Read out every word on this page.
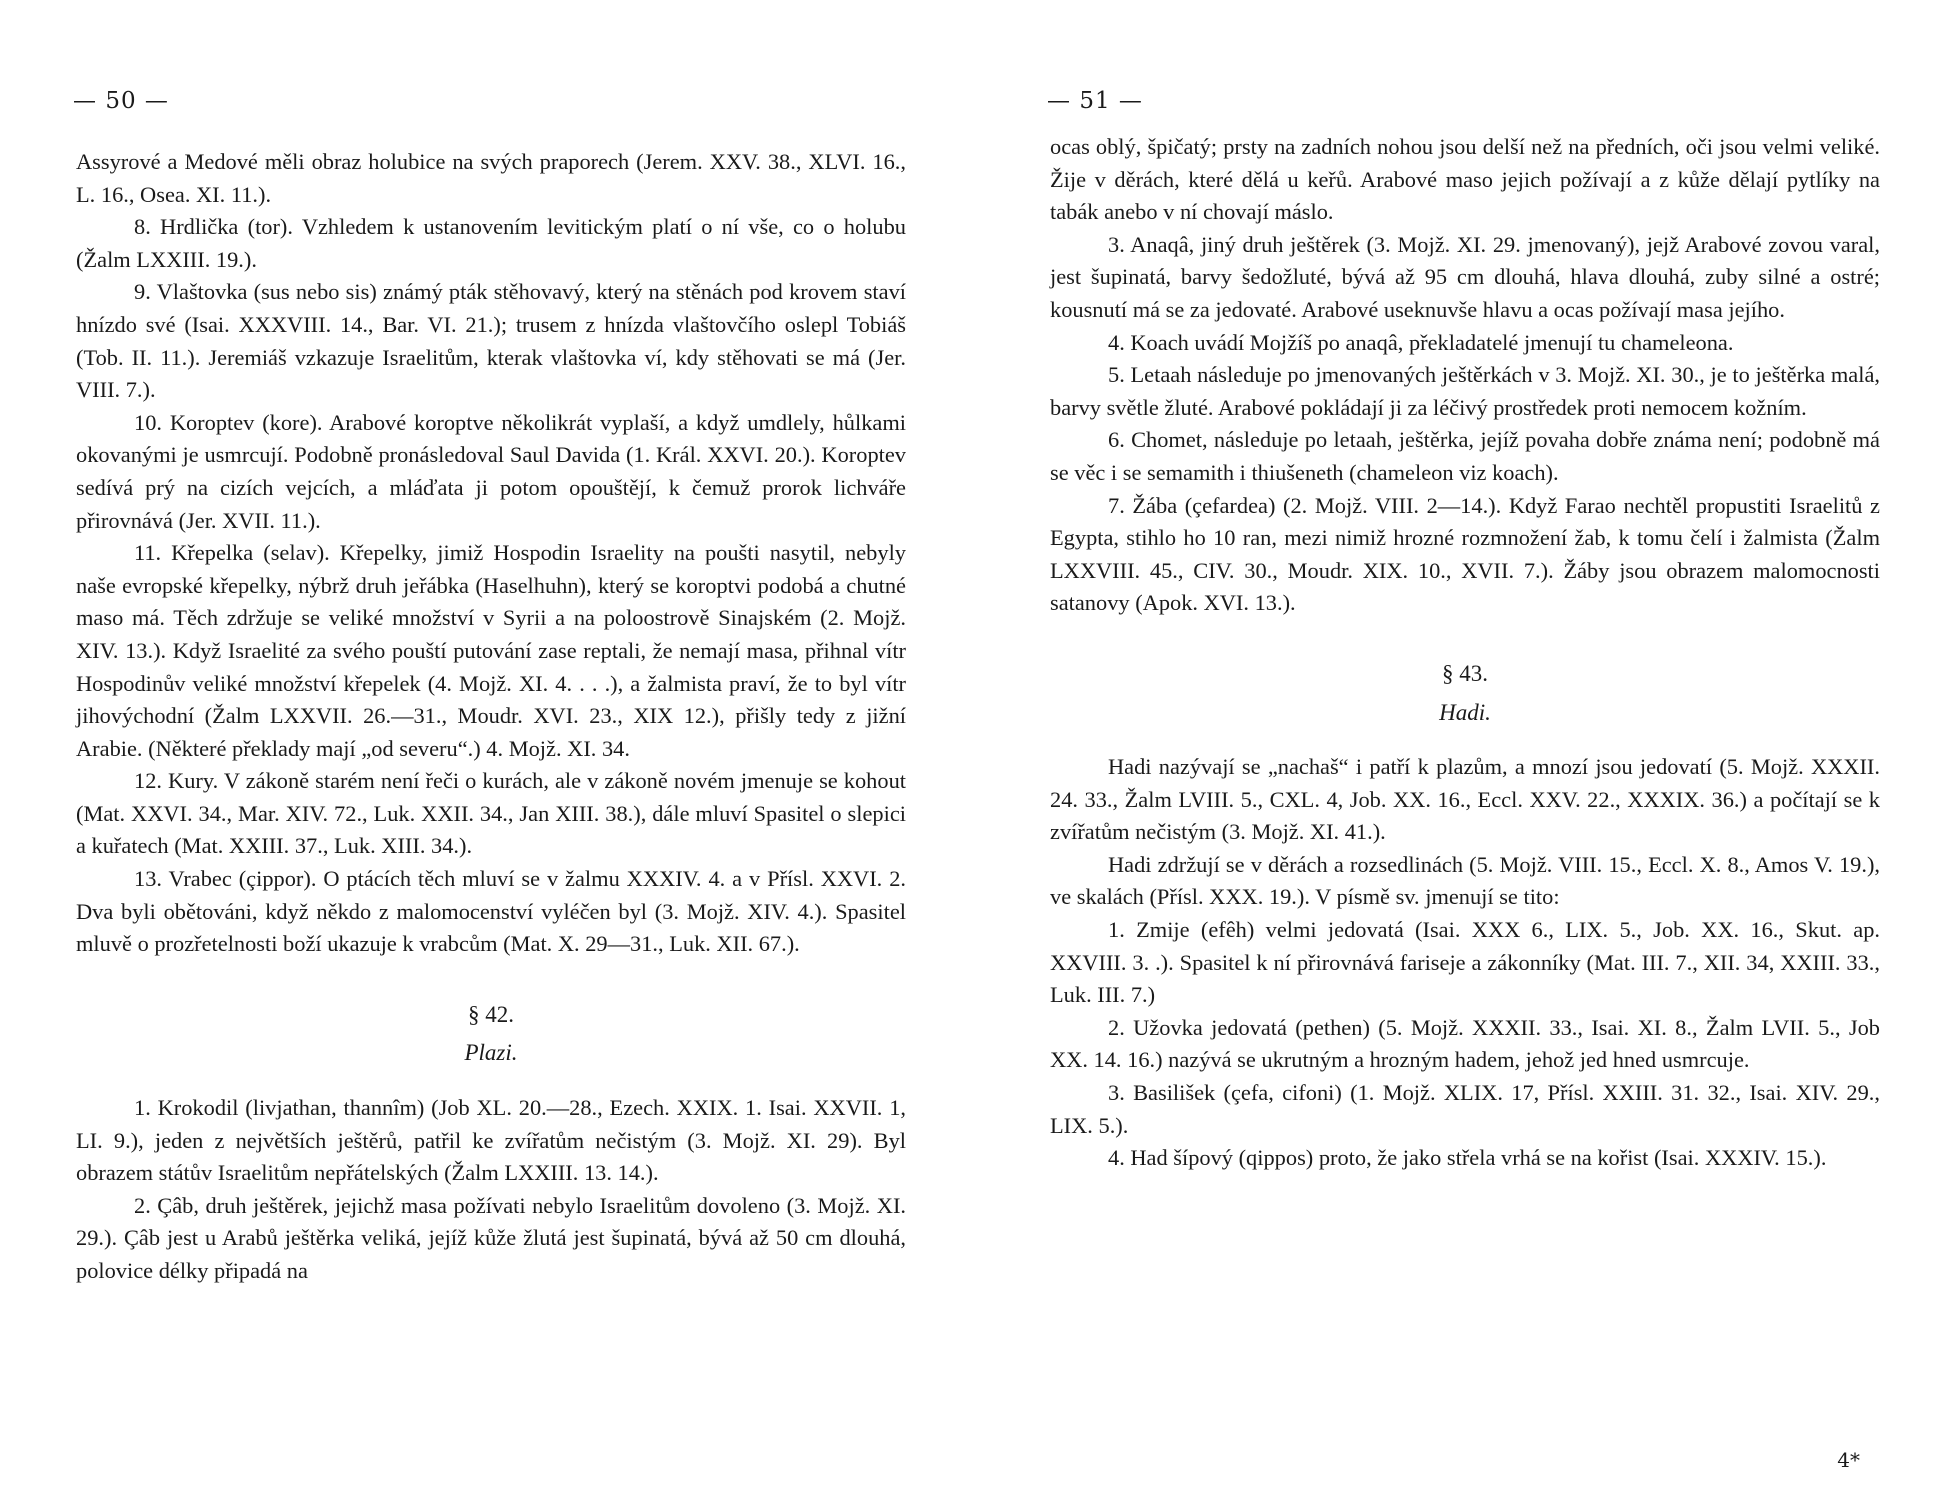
— 50 —

Assyrové a Medové měli obraz holubice na svých praporech (Jerem. XXV. 38., XLVI. 16., L. 16., Osea. XI. 11.).

8. Hrdlička (tor). Vzhledem k ustanovením levitickým platí o ní vše, co o holubu (Žalm LXXIII. 19.).

9. Vlaštovka (sus nebo sis) známý pták stěhovavý, který na stěnách pod krovem staví hnízdo své (Isai. XXXVIII. 14., Bar. VI. 21.); trusem z hnízda vlaštovčího oslepl Tobiáš (Tob. II. 11.). Jeremiáš vzkazuje Israelitům, kterak vlaštovka ví, kdy stěhovati se má (Jer. VIII. 7.).

10. Koroptev (kore). Arabové koroptve několikrát vyplaší, a když umdlely, hůlkami okovanými je usmrcují. Podobně pronásledoval Saul Davida (1. Král. XXVI. 20.). Koroptev sedívá prý na cizích vejcích, a mláďata ji potom opouštějí, k čemuž prorok lichváře přirovnává (Jer. XVII. 11.).

11. Křepelka (selav). Křepelky, jimiž Hospodin Israelity na poušti nasytil, nebyly naše evropské křepelky, nýbrž druh jeřábka (Haselhuhn), který se koroptvi podobá a chutné maso má. Těch zdržuje se veliké množství v Syrii a na poloostrově Sinajském (2. Mojž. XIV. 13.). Když Israelité za svého pouští putování zase reptali, že nemají masa, přihnal vítr Hospodinův veliké množství křepelek (4. Mojž. XI. 4. . . .), a žalmista praví, že to byl vítr jihovýchodní (Žalm LXXVII. 26.—31., Moudr. XVI. 23., XIX 12.), přišly tedy z jižní Arabie. (Některé překlady mají „od severu“.) 4. Mojž. XI. 34.

12. Kury. V zákoně starém není řeči o kurách, ale v zákoně novém jmenuje se kohout (Mat. XXVI. 34., Mar. XIV. 72., Luk. XXII. 34., Jan XIII. 38.), dále mluví Spasitel o slepici a kuřatech (Mat. XXIII. 37., Luk. XIII. 34.).

13. Vrabec (çippor). O ptácích těch mluví se v žalmu XXXIV. 4. a v Přísl. XXVI. 2. Dva byli obětováni, když někdo z malomocenství vyléčen byl (3. Mojž. XIV. 4.). Spasitel mluvě o prozřetelnosti boží ukazuje k vrabcům (Mat. X. 29—31., Luk. XII. 67.).

§ 42.
Plazi.

1. Krokodil (livjathan, thannîm) (Job XL. 20.—28., Ezech. XXIX. 1. Isai. XXVII. 1, LI. 9.), jeden z největších ještěrů, patřil ke zvířatům nečistým (3. Mojž. XI. 29). Byl obrazem státův Israelitům nepřátelských (Žalm LXXIII. 13. 14.).

2. Çâb, druh ještěrek, jejichž masa požívati nebylo Israelitům dovoleno (3. Mojž. XI. 29.). Çâb jest u Arabů ještěrka veliká, jejíž kůže žlutá jest šupinatá, bývá až 50 cm dlouhá, polovice délky připadá na

— 51 —

ocas oblý, špičatý; prsty na zadních nohou jsou delší než na předních, oči jsou velmi veliké. Žije v děrách, které dělá u keřů. Arabové maso jejich požívají a z kůže dělají pytlíky na tabák anebo v ní chovají máslo.

3. Anaqâ, jiný druh ještěrek (3. Mojž. XI. 29. jmenovaný), jejž Arabové zovou varal, jest šupinatá, barvy šedožluté, bývá až 95 cm dlouhá, hlava dlouhá, zuby silné a ostré; kousnutí má se za jedovaté. Arabové useknuvše hlavu a ocas požívají masa jejího.

4. Koach uvádí Mojžíš po anaqâ, překladatelé jmenují tu chameleona.

5. Letaah následuje po jmenovaných ještěrkách v 3. Mojž. XI. 30., je to ještěrka malá, barvy světle žluté. Arabové pokládají ji za léčivý prostředek proti nemocem kožním.

6. Chomet, následuje po letaah, ještěrka, jejíž povaha dobře známa není; podobně má se věc i se semamith i thiušeneth (chameleon viz koach).

7. Žába (çefardea) (2. Mojž. VIII. 2—14.). Když Farao nechtěl propustiti Israelitů z Egypta, stihlo ho 10 ran, mezi nimiž hrozné rozmnožení žab, k tomu čelí i žalmista (Žalm LXXVIII. 45., CIV. 30., Moudr. XIX. 10., XVII. 7.). Žáby jsou obrazem malomocnosti satanovy (Apok. XVI. 13.).

§ 43.
Hadi.

Hadi nazývají se „nachaš“ i patří k plazům, a mnozí jsou jedovatí (5. Mojž. XXXII. 24. 33., Žalm LVIII. 5., CXL. 4, Job. XX. 16., Eccl. XXV. 22., XXXIX. 36.) a počítají se k zvířatům nečistým (3. Mojž. XI. 41.).

Hadi zdržují se v děrách a rozsedlinách (5. Mojž. VIII. 15., Eccl. X. 8., Amos V. 19.), ve skalách (Přísl. XXX. 19.). V písmě sv. jmenují se tito:

1. Zmije (efêh) velmi jedovatá (Isai. XXX 6., LIX. 5., Job. XX. 16., Skut. ap. XXVIII. 3. .). Spasitel k ní přirovnává fariseje a zákonníky (Mat. III. 7., XII. 34, XXIII. 33., Luk. III. 7.)

2. Užovka jedovatá (pethen) (5. Mojž. XXXII. 33., Isai. XI. 8., Žalm LVII. 5., Job XX. 14. 16.) nazývá se ukrutným a hrozným hadem, jehož jed hned usmrcuje.

3. Basilišek (çefa, cifoni) (1. Mojž. XLIX. 17, Přísl. XXIII. 31. 32., Isai. XIV. 29., LIX. 5.).

4. Had šípový (qippos) proto, že jako střela vrhá se na kořist (Isai. XXXIV. 15.).

4*
